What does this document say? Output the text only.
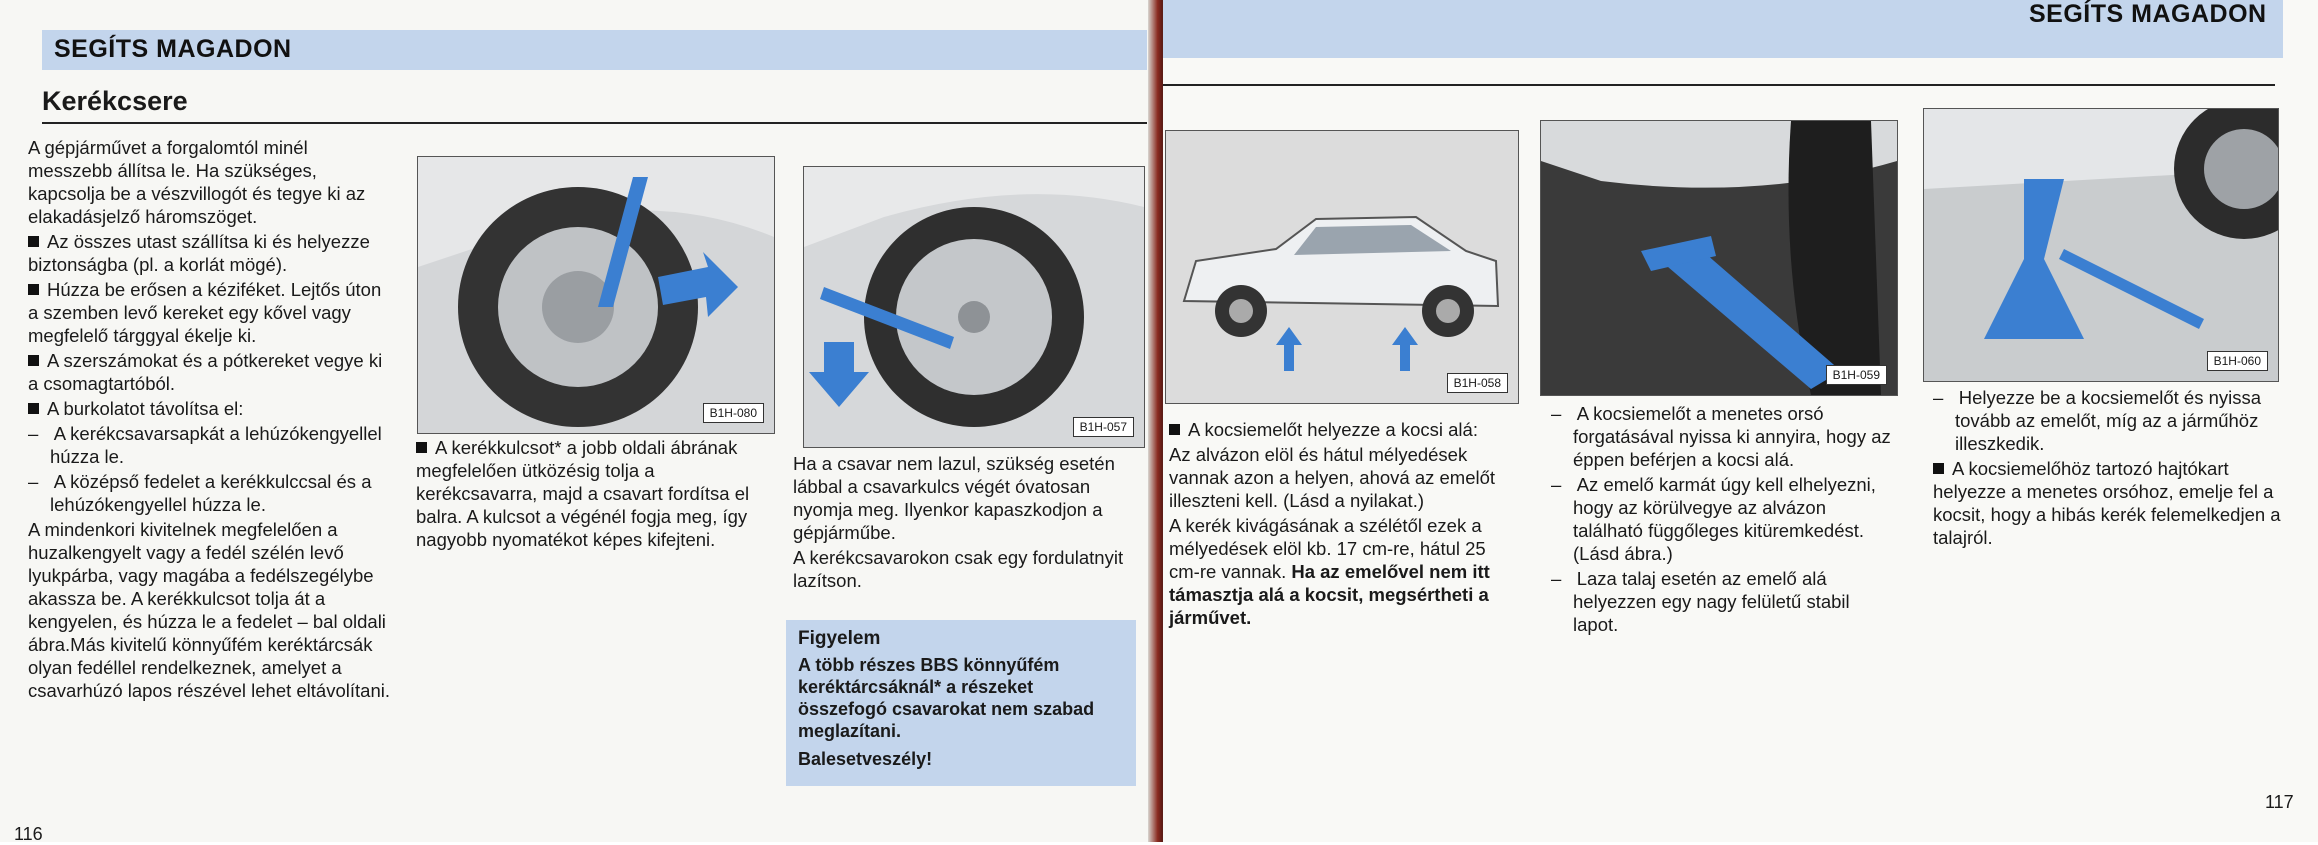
SEGÍTS MAGADON
Kerékcsere

A gépjárművet a forgalomtól minél messzebb állítsa le. Ha szükséges, kapcsolja be a vészvillogót és tegye ki az elakadásjelző háromszöget.

Az összes utast szállítsa ki és helyezze biztonságba (pl. a korlát mögé).

Húzza be erősen a kéziféket. Lejtős úton a szemben levő kereket egy kővel vagy megfelelő tárggyal ékelje ki.

A szerszámokat és a pótkereket vegye ki a csomagtartóból.

A burkolatot távolítsa el:

–   A kerékcsavarsapkát a lehúzókengyellel húzza le.

–   A középső fedelet a kerékkulccsal és a lehúzókengyellel húzza le.

A mindenkori kivitelnek megfelelően a huzalkengyelt vagy a fedél szélén levő lyukpárba, vagy magába a fedélszegélybe akassza be. A kerékkulcsot tolja át a kengyelen, és húzza le a fedelet – bal oldali ábra.Más kivitelű könnyűfém keréktárcsák olyan fedéllel rendelkeznek, amelyet a csavarhúzó lapos részével lehet eltávolítani.

B1H-080
B1H-057

A kerékkulcsot* a jobb oldali ábrának megfelelően ütközésig tolja a kerékcsavarra, majd a csavart fordítsa el balra. A kulcsot a végénél fogja meg, így nagyobb nyomatékot képes kifejteni.

Ha a csavar nem lazul, szükség esetén lábbal a csavarkulcs végét óvatosan nyomja meg. Ilyenkor kapaszkodjon a gépjárműbe.

A kerékcsavarokon csak egy fordulatnyit lazítson.

Figyelem
A több részes BBS könnyűfém keréktárcsáknál* a részeket összefogó csavarokat nem szabad meglazítani.
Balesetveszély!
116
SEGÍTS MAGADON
B1H-058
B1H-059
B1H-060

A kocsiemelőt helyezze a kocsi alá:

Az alvázon elöl és hátul mélyedések vannak azon a helyen, ahová az emelőt illeszteni kell. (Lásd a nyilakat.)

A kerék kivágásának a szélétől ezek a mélyedések elöl kb. 17 cm-re, hátul 25 cm-re vannak. Ha az emelővel nem itt támasztja alá a kocsit, megsértheti a járművet.

–   A kocsiemelőt a menetes orsó forgatásával nyissa ki annyira, hogy az éppen beférjen a kocsi alá.

–   Az emelő karmát úgy kell elhelyezni, hogy az körülvegye az alvázon található függőleges kitüremkedést. (Lásd ábra.)

–   Laza talaj esetén az emelő alá helyezzen egy nagy felületű stabil lapot.

–   Helyezze be a kocsiemelőt és nyissa tovább az emelőt, míg az a járműhöz illeszkedik.

A kocsiemelőhöz tartozó hajtókart helyezze a menetes orsóhoz, emelje fel a kocsit, hogy a hibás kerék felemelkedjen a talajról.

117
